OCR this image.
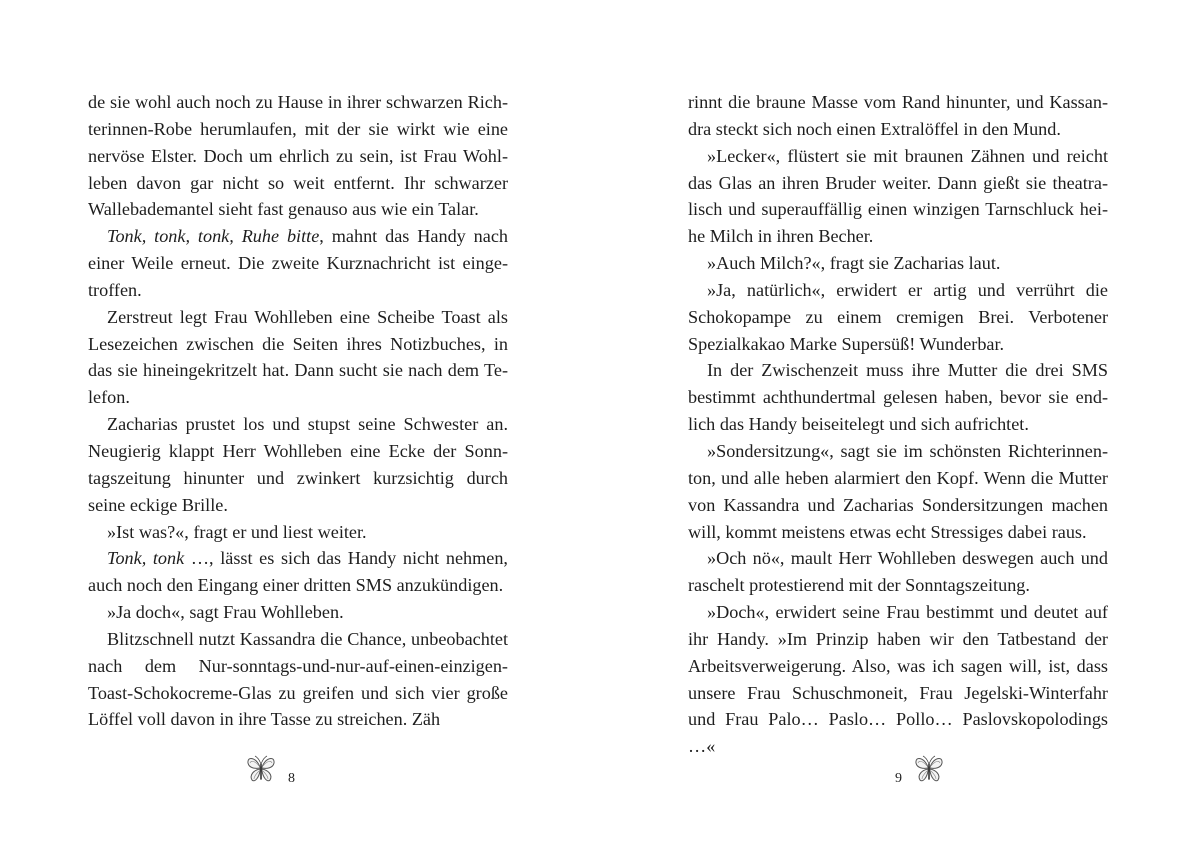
de sie wohl auch noch zu Hause in ihrer schwarzen Richterinnen-Robe herumlaufen, mit der sie wirkt wie eine nervöse Elster. Doch um ehrlich zu sein, ist Frau Wohlleben davon gar nicht so weit entfernt. Ihr schwarzer Wallebademantel sieht fast genauso aus wie ein Talar.

Tonk, tonk, tonk, Ruhe bitte, mahnt das Handy nach einer Weile erneut. Die zweite Kurznachricht ist eingetroffen.

Zerstreut legt Frau Wohlleben eine Scheibe Toast als Lesezeichen zwischen die Seiten ihres Notizbuches, in das sie hineingekritzelt hat. Dann sucht sie nach dem Telefon.

Zacharias prustet los und stupst seine Schwester an. Neugierig klappt Herr Wohlleben eine Ecke der Sonntagszeitung hinunter und zwinkert kurzsichtig durch seine eckige Brille.

»Ist was?«, fragt er und liest weiter.

Tonk, tonk …, lässt es sich das Handy nicht nehmen, auch noch den Eingang einer dritten SMS anzukündigen.

»Ja doch«, sagt Frau Wohlleben.

Blitzschnell nutzt Kassandra die Chance, unbeobachtet nach dem Nur-sonntags-und-nur-auf-einen-einzigen-Toast-Schokocreme-Glas zu greifen und sich vier große Löffel voll davon in ihre Tasse zu streichen. Zäh

8

rinnt die braune Masse vom Rand hinunter, und Kassandra steckt sich noch einen Extralöffel in den Mund.

»Lecker«, flüstert sie mit braunen Zähnen und reicht das Glas an ihren Bruder weiter. Dann gießt sie theatralisch und superauffällig einen winzigen Tarnschluck heihe Milch in ihren Becher.

»Auch Milch?«, fragt sie Zacharias laut.

»Ja, natürlich«, erwidert er artig und verrührt die Schokopampe zu einem cremigen Brei. Verbotener Spezialkakao Marke Supersüß! Wunderbar.

In der Zwischenzeit muss ihre Mutter die drei SMS bestimmt achthundertmal gelesen haben, bevor sie endlich das Handy beiseitelegt und sich aufrichtet.

»Sondersitzung«, sagt sie im schönsten Richterinnenton, und alle heben alarmiert den Kopf. Wenn die Mutter von Kassandra und Zacharias Sondersitzungen machen will, kommt meistens etwas echt Stressiges dabei raus.

»Och nö«, mault Herr Wohlleben deswegen auch und raschelt protestierend mit der Sonntagszeitung.

»Doch«, erwidert seine Frau bestimmt und deutet auf ihr Handy. »Im Prinzip haben wir den Tatbestand der Arbeitsverweigerung. Also, was ich sagen will, ist, dass unsere Frau Schuschmoneit, Frau Jegelski-Winterfahr und Frau Palo… Paslo… Pollo… Paslovskopolodings …«

9
